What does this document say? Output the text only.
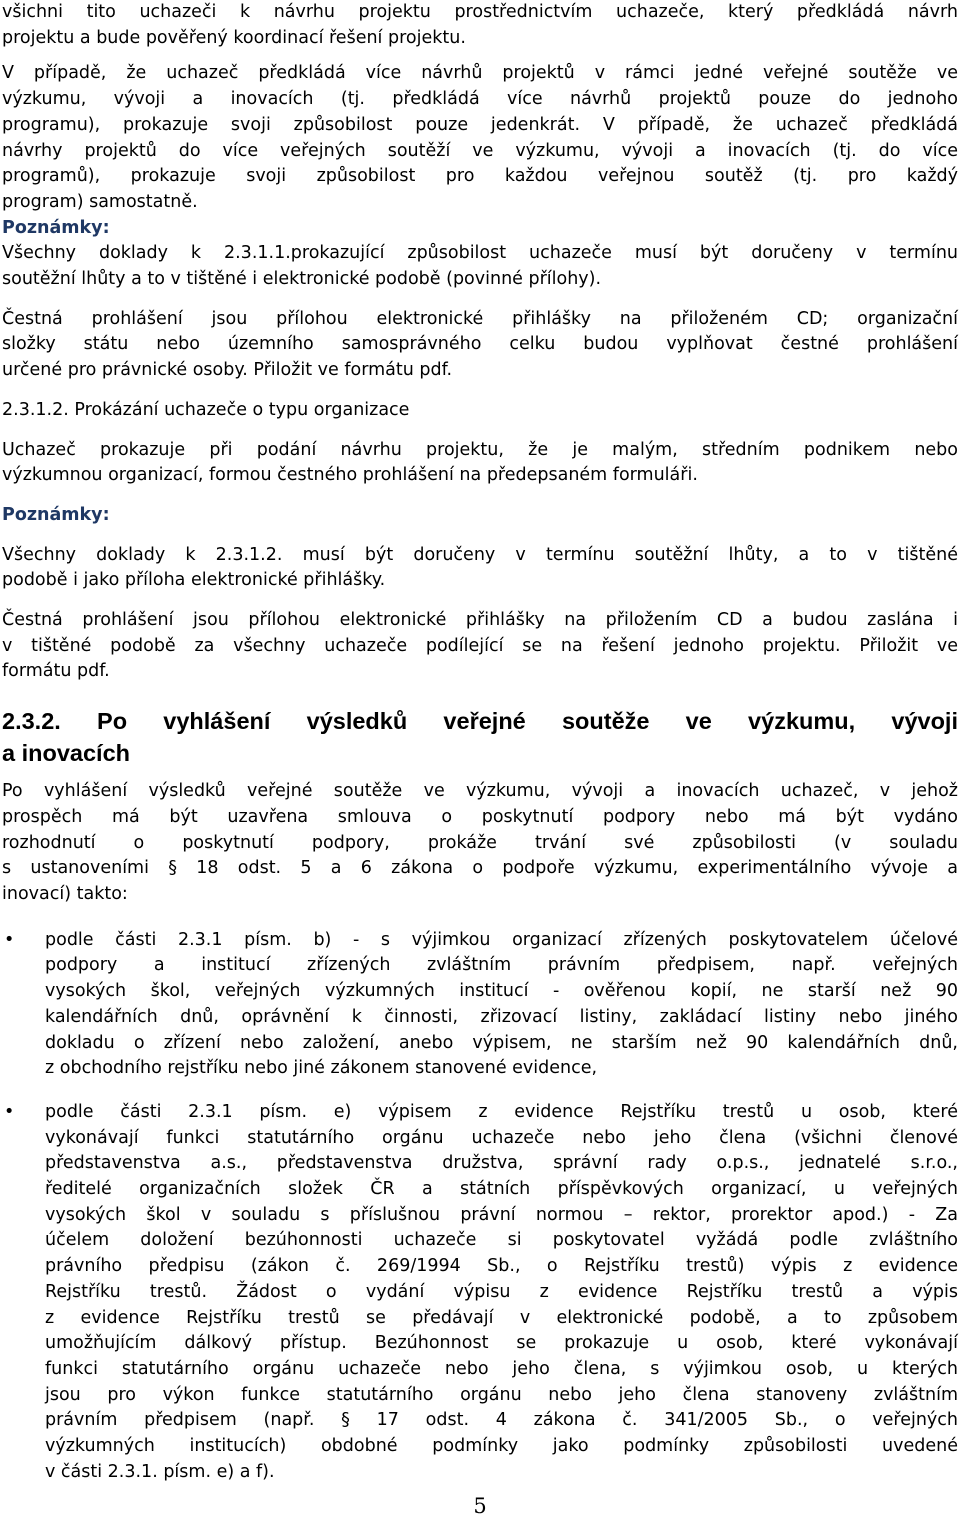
všichni tito uchazeči k návrhu projektu prostřednictvím uchazeče, který předkládá návrh
projektu a bude pověřený koordinací řešení projektu.

V případě, že uchazeč předkládá více návrhů projektů v rámci jedné veřejné soutěže ve
výzkumu, vývoji a inovacích (tj. předkládá více návrhů projektů pouze do jednoho
programu), prokazuje svoji způsobilost pouze jedenkrát. V případě, že uchazeč předkládá
návrhy projektů do více veřejných soutěží ve výzkumu, vývoji a inovacích (tj. do více
programů), prokazuje svoji způsobilost pro každou veřejnou soutěž (tj. pro každý
program) samostatně.

Poznámky:

Všechny doklady k 2.3.1.1.prokazující způsobilost uchazeče musí být doručeny v termínu
soutěžní lhůty a to v tištěné i elektronické podobě (povinné přílohy).

Čestná prohlášení jsou přílohou elektronické přihlášky na přiloženém CD; organizační
složky státu nebo územního samosprávného celku budou vyplňovat čestné prohlášení
určené pro právnické osoby. Přiložit ve formátu pdf.

2.3.1.2. Prokázání uchazeče o typu organizace

Uchazeč prokazuje při podání návrhu projektu, že je malým, středním podnikem nebo
výzkumnou organizací, formou čestného prohlášení na předepsaném formuláři.

Poznámky:

Všechny doklady k 2.3.1.2. musí být doručeny v termínu soutěžní lhůty, a to v tištěné
podobě i jako příloha elektronické přihlášky.

Čestná prohlášení jsou přílohou elektronické přihlášky na přiložením CD a budou zaslána i
v tištěné podobě za všechny uchazeče podílející se na řešení jednoho projektu. Přiložit ve
formátu pdf.

2.3.2. Po vyhlášení výsledků veřejné soutěže ve výzkumu, vývoji
a inovacích

Po vyhlášení výsledků veřejné soutěže ve výzkumu, vývoji a inovacích uchazeč, v jehož
prospěch má být uzavřena smlouva o poskytnutí podpory nebo má být vydáno
rozhodnutí o poskytnutí podpory, prokáže trvání své způsobilosti (v souladu
s ustanoveními § 18 odst. 5 a 6 zákona o podpoře výzkumu, experimentálního vývoje a
inovací) takto:

• podle části 2.3.1 písm. b) - s výjimkou organizací zřízených poskytovatelem účelové
podpory a institucí zřízených zvláštním právním předpisem, např. veřejných
vysokých škol, veřejných výzkumných institucí - ověřenou kopií, ne starší než 90
kalendářních dnů, oprávnění k činnosti, zřizovací listiny, zakládací listiny nebo jiného
dokladu o zřízení nebo založení, anebo výpisem, ne starším než 90 kalendářních dnů,
z obchodního rejstříku nebo jiné zákonem stanovené evidence,
• podle části 2.3.1 písm. e) výpisem z evidence Rejstříku trestů u osob, které
vykonávají funkci statutárního orgánu uchazeče nebo jeho člena (všichni členové
představenstva a.s., představenstva družstva, správní rady o.p.s., jednatelé s.r.o.,
ředitelé organizačních složek ČR a státních příspěvkových organizací, u veřejných
vysokých škol v souladu s příslušnou právní normou – rektor, prorektor apod.) - Za
účelem doložení bezúhonnosti uchazeče si poskytovatel vyžádá podle zvláštního
právního předpisu (zákon č. 269/1994 Sb., o Rejstříku trestů) výpis z evidence
Rejstříku trestů. Žádost o vydání výpisu z evidence Rejstříku trestů a výpis
z evidence Rejstříku trestů se předávají v elektronické podobě, a to způsobem
umožňujícím dálkový přístup. Bezúhonnost se prokazuje u osob, které vykonávají
funkci statutárního orgánu uchazeče nebo jeho člena, s výjimkou osob, u kterých
jsou pro výkon funkce statutárního orgánu nebo jeho člena stanoveny zvláštním
právním předpisem (např. § 17 odst. 4 zákona č. 341/2005 Sb., o veřejných
výzkumných institucích) obdobné podmínky jako podmínky způsobilosti uvedené
v části 2.3.1. písm. e) a f).
5
